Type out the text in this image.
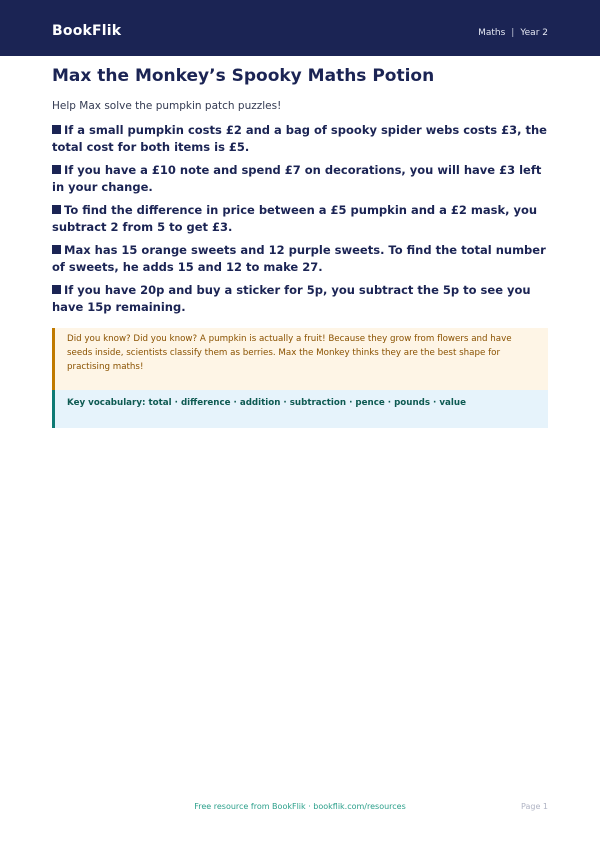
BookFlik	Maths | Year 2
Max the Monkey’s Spooky Maths Potion
Help Max solve the pumpkin patch puzzles!
If a small pumpkin costs £2 and a bag of spooky spider webs costs £3, the total cost for both items is £5.
If you have a £10 note and spend £7 on decorations, you will have £3 left in your change.
To find the difference in price between a £5 pumpkin and a £2 mask, you subtract 2 from 5 to get £3.
Max has 15 orange sweets and 12 purple sweets. To find the total number of sweets, he adds 15 and 12 to make 27.
If you have 20p and buy a sticker for 5p, you subtract the 5p to see you have 15p remaining.

Did you know? Did you know? A pumpkin is actually a fruit! Because they grow from flowers and have seeds inside, scientists classify them as berries. Max the Monkey thinks they are the best shape for practising maths!

Key vocabulary: total · difference · addition · subtraction · pence · pounds · value

Free resource from BookFlik · bookflik.com/resources	Page 1
